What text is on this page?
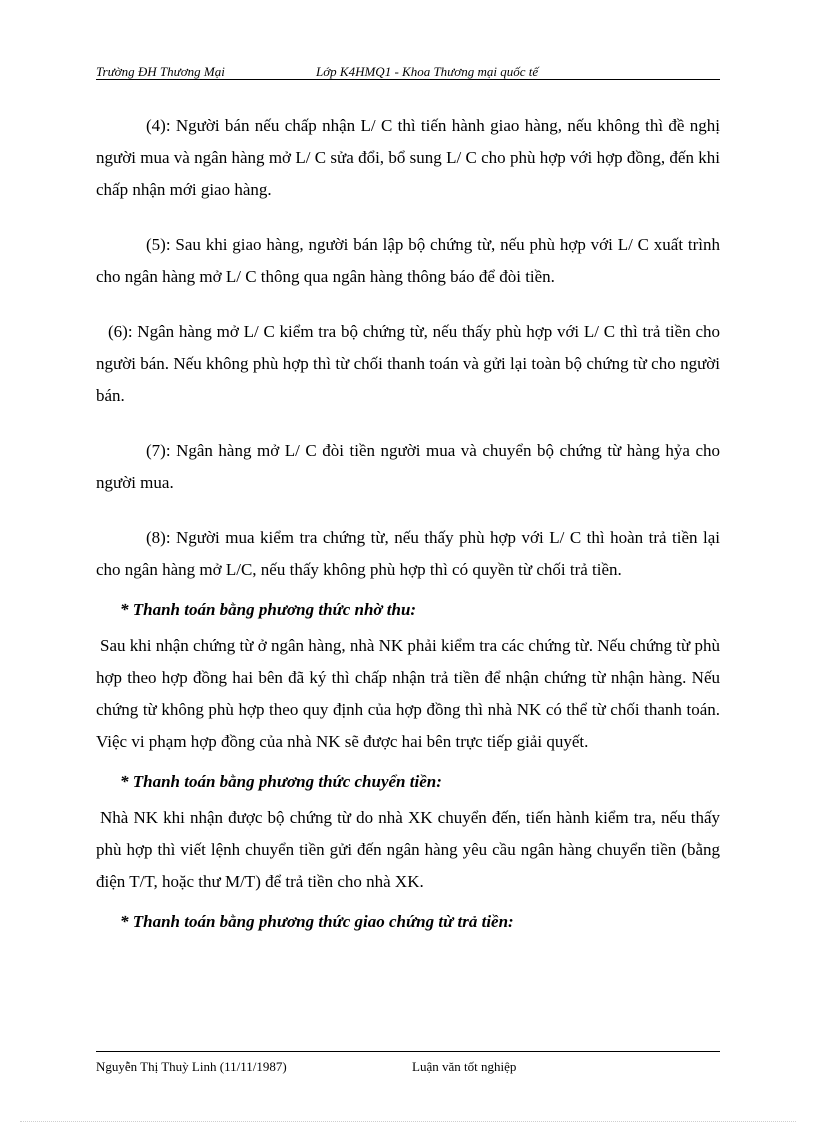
Trường ĐH Thương Mại	Lớp K4HMQ1 - Khoa Thương mại quốc tế

(4): Người bán nếu chấp nhận L/ C thì tiến hành giao hàng, nếu không thì đề nghị người mua và ngân hàng mở L/ C sửa đổi, bổ sung L/ C cho phù hợp với hợp đồng, đến khi chấp nhận mới giao hàng.

(5): Sau khi giao hàng, người bán lập bộ chứng từ, nếu phù hợp với L/ C xuất trình cho ngân hàng mở L/ C thông qua ngân hàng thông báo để đòi tiền.

(6): Ngân hàng mở L/ C kiểm tra bộ chứng từ, nếu thấy phù hợp với L/ C thì trả tiền cho người bán. Nếu không phù hợp thì từ chối thanh toán và gửi lại toàn bộ chứng từ cho người bán.

(7): Ngân hàng mở L/ C đòi tiền người mua và chuyển bộ chứng từ hàng hỷa cho người mua.

(8): Người mua kiểm tra chứng từ, nếu thấy phù hợp với L/ C thì hoàn trả tiền lại cho ngân hàng mở L/C, nếu thấy không phù hợp thì có quyền từ chối trả tiền.

* Thanh toán bằng phương thức nhờ thu:

Sau khi nhận chứng từ ở ngân hàng, nhà NK phải kiểm tra các chứng từ. Nếu chứng từ phù hợp theo hợp đồng hai bên đã ký thì chấp nhận trả tiền để nhận chứng từ nhận hàng. Nếu chứng từ không phù hợp theo quy định của hợp đồng thì nhà NK có thể từ chối thanh toán. Việc vi phạm hợp đồng của nhà NK sẽ được hai bên trực tiếp giải quyết.

* Thanh toán bằng phương thức chuyển tiền:

Nhà NK khi nhận được bộ chứng từ do nhà XK chuyển đến, tiến hành kiểm tra, nếu thấy phù hợp thì viết lệnh chuyển tiền gửi đến ngân hàng yêu cầu ngân hàng chuyển tiền (bằng điện T/T, hoặc thư M/T) để trả tiền cho nhà XK.

* Thanh toán bằng phương thức giao chứng từ trả tiền:

Nguyễn Thị Thuỳ Linh (11/11/1987)	Luận văn tốt nghiệp
